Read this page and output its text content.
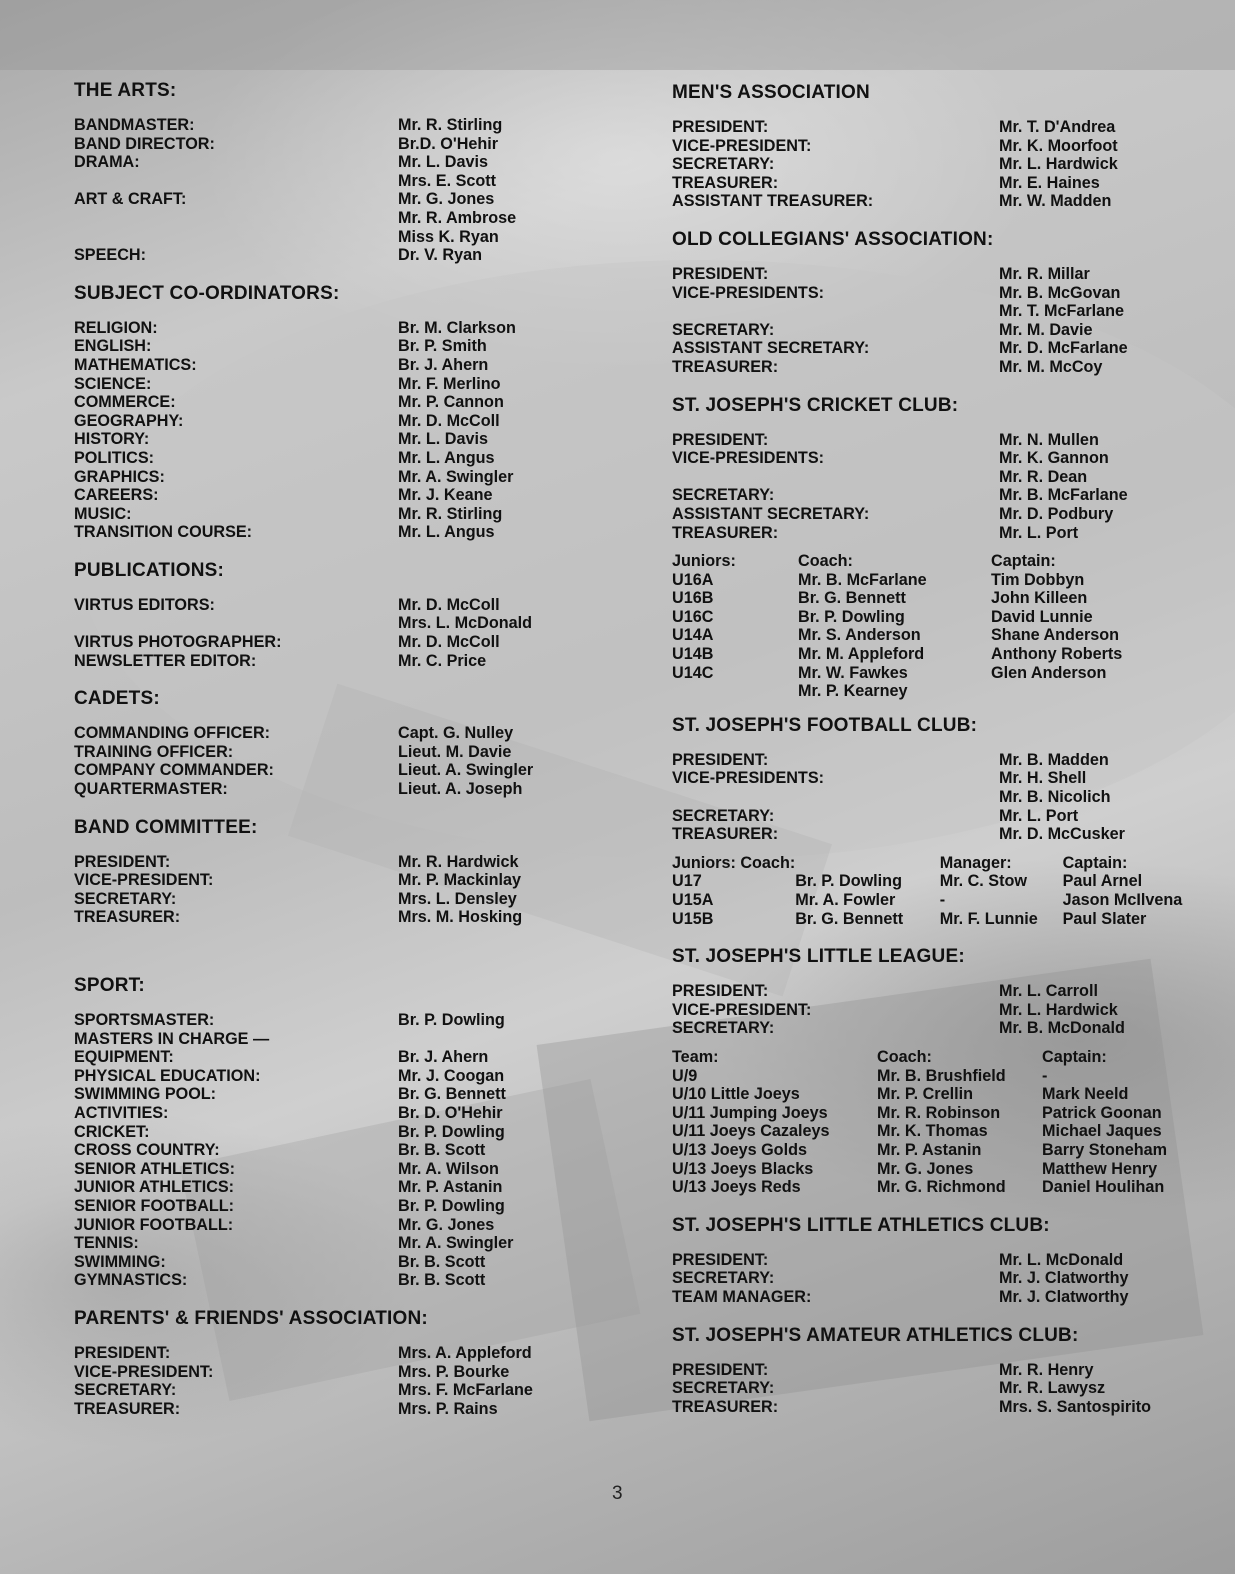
THE ARTS:
BANDMASTER:	Mr. R. Stirling
BAND DIRECTOR:	Br.D. O'Hehir
DRAMA:	Mr. L. Davis
Mrs. E. Scott
ART & CRAFT:	Mr. G. Jones
Mr. R. Ambrose
Miss K. Ryan
SPEECH:	Dr. V. Ryan
SUBJECT CO-ORDINATORS:
RELIGION:	Br. M. Clarkson
ENGLISH:	Br. P. Smith
MATHEMATICS:	Br. J. Ahern
SCIENCE:	Mr. F. Merlino
COMMERCE:	Mr. P. Cannon
GEOGRAPHY:	Mr. D. McColl
HISTORY:	Mr. L. Davis
POLITICS:	Mr. L. Angus
GRAPHICS:	Mr. A. Swingler
CAREERS:	Mr. J. Keane
MUSIC:	Mr. R. Stirling
TRANSITION COURSE:	Mr. L. Angus
PUBLICATIONS:
VIRTUS EDITORS:	Mr. D. McColl
Mrs. L. McDonald
VIRTUS PHOTOGRAPHER:	Mr. D. McColl
NEWSLETTER EDITOR:	Mr. C. Price
CADETS:
COMMANDING OFFICER:	Capt. G. Nulley
TRAINING OFFICER:	Lieut. M. Davie
COMPANY COMMANDER:	Lieut. A. Swingler
QUARTERMASTER:	Lieut. A. Joseph
BAND COMMITTEE:
PRESIDENT:	Mr. R. Hardwick
VICE-PRESIDENT:	Mr. P. Mackinlay
SECRETARY:	Mrs. L. Densley
TREASURER:	Mrs. M. Hosking
SPORT:
SPORTSMASTER:	Br. P. Dowling
MASTERS IN CHARGE —
EQUIPMENT:	Br. J. Ahern
PHYSICAL EDUCATION:	Mr. J. Coogan
SWIMMING POOL:	Br. G. Bennett
ACTIVITIES:	Br. D. O'Hehir
CRICKET:	Br. P. Dowling
CROSS COUNTRY:	Br. B. Scott
SENIOR ATHLETICS:	Mr. A. Wilson
JUNIOR ATHLETICS:	Mr. P. Astanin
SENIOR FOOTBALL:	Br. P. Dowling
JUNIOR FOOTBALL:	Mr. G. Jones
TENNIS:	Mr. A. Swingler
SWIMMING:	Br. B. Scott
GYMNASTICS:	Br. B. Scott
PARENTS' & FRIENDS' ASSOCIATION:
PRESIDENT:	Mrs. A. Appleford
VICE-PRESIDENT:	Mrs. P. Bourke
SECRETARY:	Mrs. F. McFarlane
TREASURER:	Mrs. P. Rains
MEN'S ASSOCIATION
PRESIDENT:	Mr. T. D'Andrea
VICE-PRESIDENT:	Mr. K. Moorfoot
SECRETARY:	Mr. L. Hardwick
TREASURER:	Mr. E. Haines
ASSISTANT TREASURER:	Mr. W. Madden
OLD COLLEGIANS' ASSOCIATION:
PRESIDENT:	Mr. R. Millar
VICE-PRESIDENTS:	Mr. B. McGovan
Mr. T. McFarlane
SECRETARY:	Mr. M. Davie
ASSISTANT SECRETARY:	Mr. D. McFarlane
TREASURER:	Mr. M. McCoy
ST. JOSEPH'S CRICKET CLUB:
PRESIDENT:	Mr. N. Mullen
VICE-PRESIDENTS:	Mr. K. Gannon
Mr. R. Dean
SECRETARY:	Mr. B. McFarlane
ASSISTANT SECRETARY:	Mr. D. Podbury
TREASURER:	Mr. L. Port
Juniors:	Coach:	Captain:
U16A	Mr. B. McFarlane	Tim Dobbyn
U16B	Br. G. Bennett	John Killeen
U16C	Br. P. Dowling	David Lunnie
U14A	Mr. S. Anderson	Shane Anderson
U14B	Mr. M. Appleford	Anthony Roberts
U14C	Mr. W. Fawkes	Glen Anderson
	Mr. P. Kearney	
ST. JOSEPH'S FOOTBALL CLUB:
PRESIDENT:	Mr. B. Madden
VICE-PRESIDENTS:	Mr. H. Shell
Mr. B. Nicolich
SECRETARY:	Mr. L. Port
TREASURER:	Mr. D. McCusker
Juniors: Coach:		Manager:	Captain:
U17	Br. P. Dowling	Mr. C. Stow	Paul Arnel
U15A	Mr. A. Fowler	-	Jason McIlvena
U15B	Br. G. Bennett	Mr. F. Lunnie	Paul Slater
ST. JOSEPH'S LITTLE LEAGUE:
PRESIDENT:	Mr. L. Carroll
VICE-PRESIDENT:	Mr. L. Hardwick
SECRETARY:	Mr. B. McDonald
Team:	Coach:	Captain:
U/9	Mr. B. Brushfield	-
U/10 Little Joeys	Mr. P. Crellin	Mark Neeld
U/11 Jumping Joeys	Mr. R. Robinson	Patrick Goonan
U/11 Joeys Cazaleys	Mr. K. Thomas	Michael Jaques
U/13 Joeys Golds	Mr. P. Astanin	Barry Stoneham
U/13 Joeys Blacks	Mr. G. Jones	Matthew Henry
U/13 Joeys Reds	Mr. G. Richmond	Daniel Houlihan
ST. JOSEPH'S LITTLE ATHLETICS CLUB:
PRESIDENT:	Mr. L. McDonald
SECRETARY:	Mr. J. Clatworthy
TEAM MANAGER:	Mr. J. Clatworthy
ST. JOSEPH'S AMATEUR ATHLETICS CLUB:
PRESIDENT:	Mr. R. Henry
SECRETARY:	Mr. R. Lawysz
TREASURER:	Mrs. S. Santospirito
3
